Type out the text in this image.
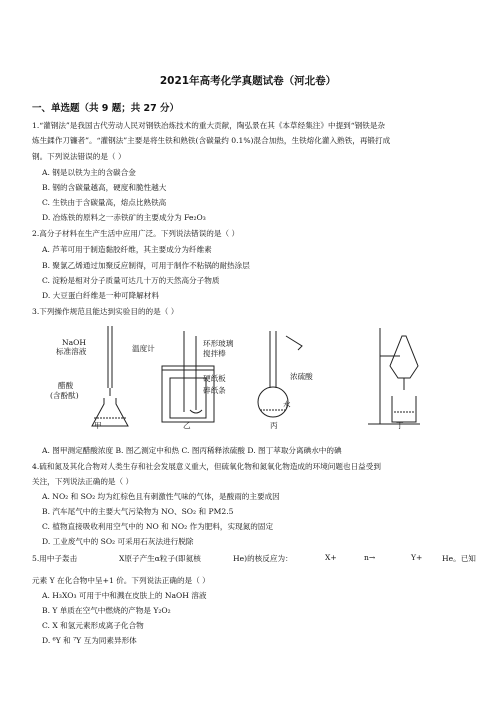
2021年高考化学真题试卷（河北卷）
一、单选题（共 9 题；共 27 分）
1.“灌钢法”是我国古代劳动人民对钢铁冶炼技术的重大贡献，陶弘景在其《本草经集注》中提到“钢铁是杂
炼生鍒作刀镰者”。“灌钢法”主要是将生铁和熟铁(含碳量约 0.1%)混合加热，生铁熔化灌入熟铁，再锻打成
钢。下列说法错误的是（ ）
A. 钢是以铁为主的含碳合金
B. 钢的含碳量越高，硬度和脆性越大
C. 生铁由于含碳量高，熔点比熟铁高
D. 冶炼铁的原料之一赤铁矿的主要成分为 Fe₂O₃
2.高分子材料在生产生活中应用广泛。下列说法错误的是（ ）
A. 芦苇可用于制造黏胶纤维，其主要成分为纤维素
B. 聚氯乙烯通过加聚反应制得，可用于制作不粘锅的耐热涂层
C. 淀粉是相对分子质量可达几十万的天然高分子物质
D. 大豆蛋白纤维是一种可降解材料
3.下列操作规范且能达到实验目的的是（ ）
NaOH
标准溶液
醋酸
(含酚酞)
温度计
环形玻璃
搅拌棒
硬纸板
碎纸条
浓硫酸
水
甲	乙	丙	丁
A. 图甲测定醋酸浓度 B. 图乙测定中和热 C. 图丙稀释浓硫酸 D. 图丁萃取分离碘水中的碘
4.硫和氮及其化合物对人类生存和社会发展意义重大，但硫氧化物和氮氧化物造成的环境问题也日益受到
关注，下列说法正确的是（ ）
A. NO₂ 和 SO₂ 均为红棕色且有刺激性气味的气体，是酸雨的主要成因
B. 汽车尾气中的主要大气污染物为 NO、SO₂ 和 PM2.5
C. 植物直接吸收利用空气中的 NO 和 NO₂ 作为肥料，实现氮的固定
D. 工业废气中的 SO₂ 可采用石灰法进行脱除
5.用中子轰击	X原子产生α粒子(即氦核	He)的核反应为：	X+	n→	Y+	He。已知
元素 Y 在化合物中呈+1 价。下列说法正确的是（ ）
A. H₃XO₃ 可用于中和溅在皮肤上的 NaOH 溶液
B. Y 单质在空气中燃烧的产物是 Y₂O₂
C. X 和氢元素形成离子化合物
D. ⁶Y 和 ⁷Y 互为同素异形体
